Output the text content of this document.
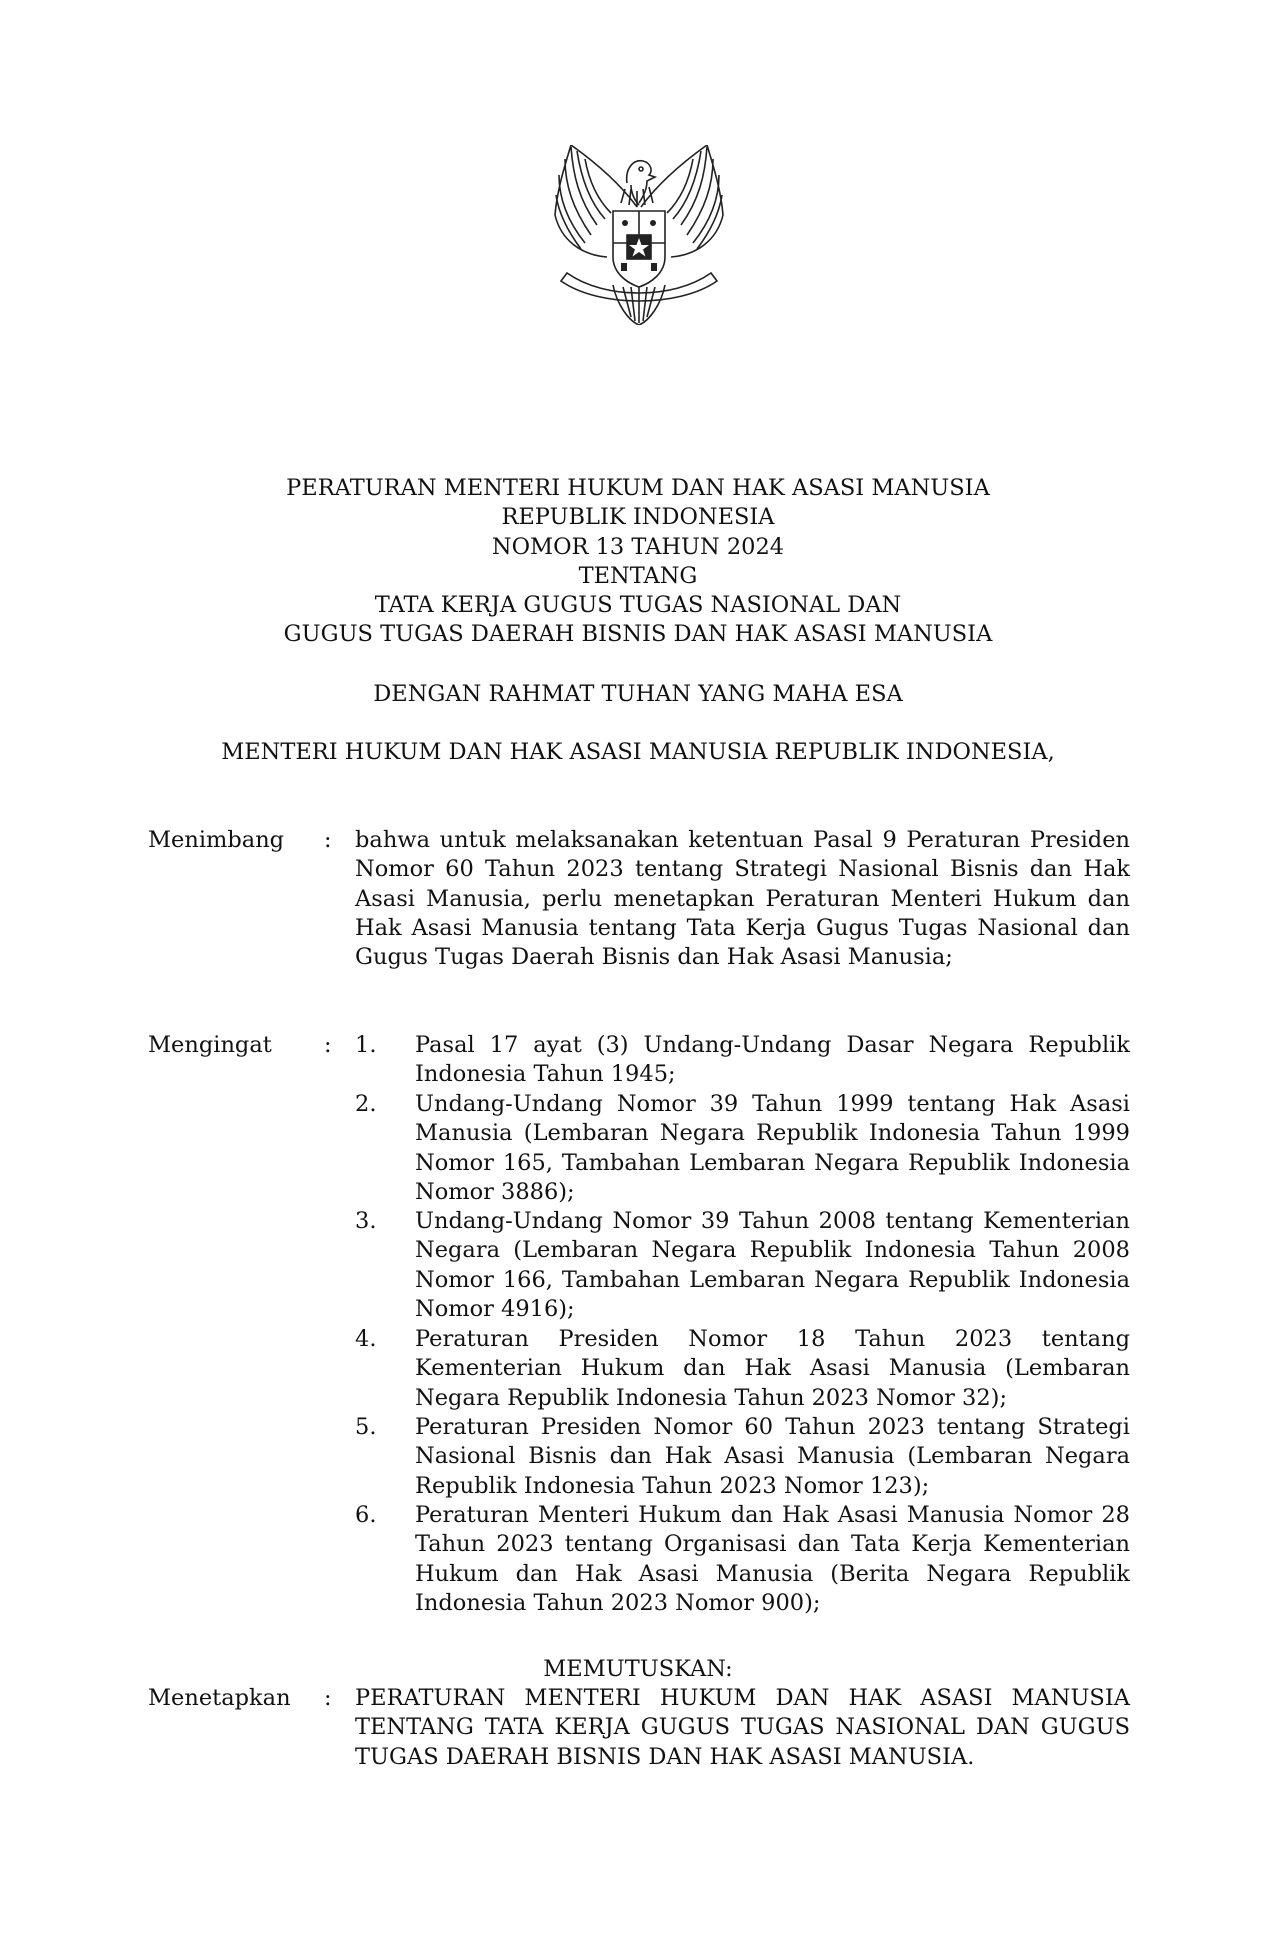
PERATURAN MENTERI HUKUM DAN HAK ASASI MANUSIA
REPUBLIK INDONESIA
NOMOR 13 TAHUN 2024
TENTANG
TATA KERJA GUGUS TUGAS NASIONAL DAN
GUGUS TUGAS DAERAH BISNIS DAN HAK ASASI MANUSIA
DENGAN RAHMAT TUHAN YANG MAHA ESA
MENTERI HUKUM DAN HAK ASASI MANUSIA REPUBLIK INDONESIA,
Menimbang : bahwa untuk melaksanakan ketentuan Pasal 9 Peraturan Presiden Nomor 60 Tahun 2023 tentang Strategi Nasional Bisnis dan Hak Asasi Manusia, perlu menetapkan Peraturan Menteri Hukum dan Hak Asasi Manusia tentang Tata Kerja Gugus Tugas Nasional dan Gugus Tugas Daerah Bisnis dan Hak Asasi Manusia;
Mengingat : 1. Pasal 17 ayat (3) Undang-Undang Dasar Negara Republik Indonesia Tahun 1945;
2. Undang-Undang Nomor 39 Tahun 1999 tentang Hak Asasi Manusia (Lembaran Negara Republik Indonesia Tahun 1999 Nomor 165, Tambahan Lembaran Negara Republik Indonesia Nomor 3886);
3. Undang-Undang Nomor 39 Tahun 2008 tentang Kementerian Negara (Lembaran Negara Republik Indonesia Tahun 2008 Nomor 166, Tambahan Lembaran Negara Republik Indonesia Nomor 4916);
4. Peraturan Presiden Nomor 18 Tahun 2023 tentang Kementerian Hukum dan Hak Asasi Manusia (Lembaran Negara Republik Indonesia Tahun 2023 Nomor 32);
5. Peraturan Presiden Nomor 60 Tahun 2023 tentang Strategi Nasional Bisnis dan Hak Asasi Manusia (Lembaran Negara Republik Indonesia Tahun 2023 Nomor 123);
6. Peraturan Menteri Hukum dan Hak Asasi Manusia Nomor 28 Tahun 2023 tentang Organisasi dan Tata Kerja Kementerian Hukum dan Hak Asasi Manusia (Berita Negara Republik Indonesia Tahun 2023 Nomor 900);
MEMUTUSKAN:
Menetapkan : PERATURAN MENTERI HUKUM DAN HAK ASASI MANUSIA TENTANG TATA KERJA GUGUS TUGAS NASIONAL DAN GUGUS TUGAS DAERAH BISNIS DAN HAK ASASI MANUSIA.
